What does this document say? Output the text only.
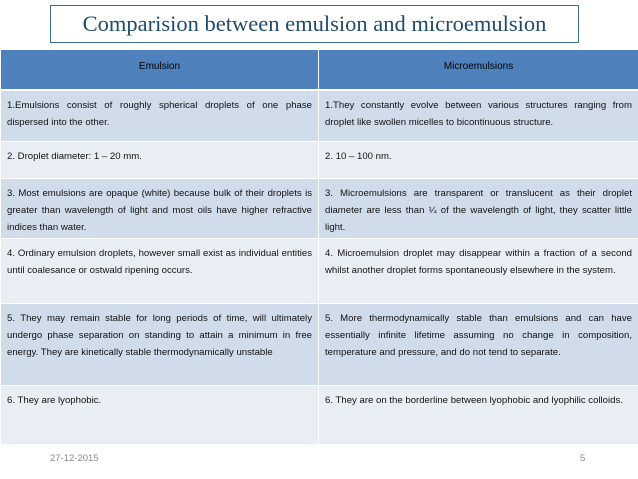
Comparision between emulsion and microemulsion
Emulsion	Microemulsions
1.Emulsions consist of roughly spherical droplets of one phase dispersed into the other.	1.They constantly evolve between various structures ranging from droplet like swollen micelles to bicontinuous structure.
2. Droplet diameter: 1 – 20 mm.	2. 10 – 100 nm.
3. Most emulsions are opaque (white) because bulk of their droplets is greater than wavelength of light and most oils have higher refractive indices than water.	3. Microemulsions are transparent or translucent as their droplet diameter are less than ¼ of the wavelength of light, they scatter little light.
4. Ordinary emulsion droplets, however small exist as individual entities until coalesance or ostwald ripening occurs.	4. Microemulsion droplet may disappear within a fraction of a second whilst another droplet forms spontaneously elsewhere in the system.
5. They may remain stable for long periods of time, will ultimately undergo phase separation on standing to attain a minimum in free energy. They are kinetically stable thermodynamically unstable	5. More thermodynamically stable than emulsions and can have essentially infinite lifetime assuming no change in composition, temperature and pressure, and do not tend to separate.
6. They are lyophobic.	6. They are on the borderline between lyophobic and lyophilic colloids.
27-12-2015	5
